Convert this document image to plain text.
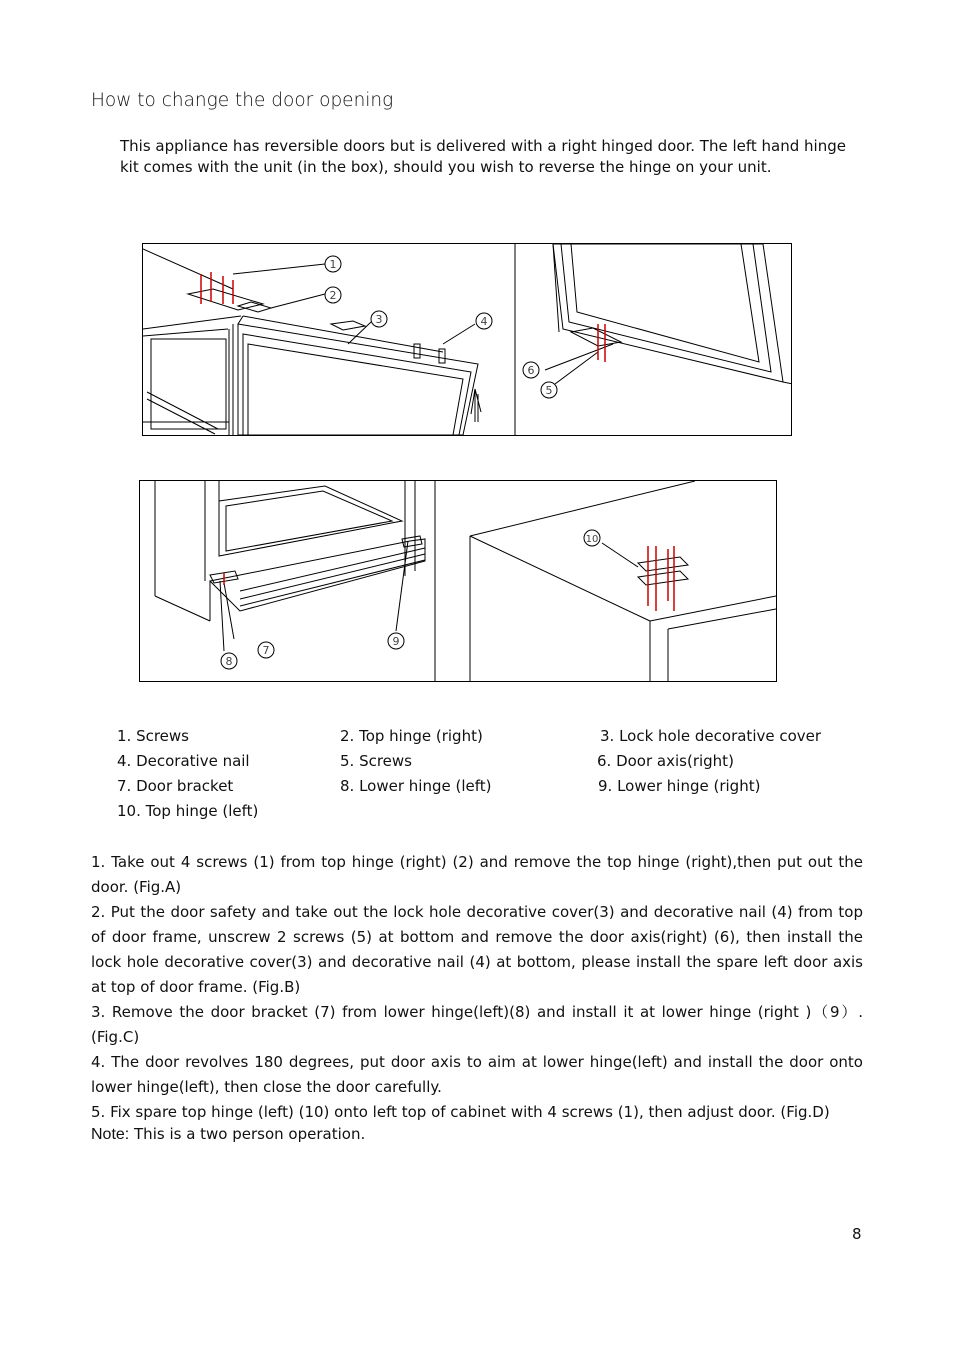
How to change the door opening
This appliance has reversible doors but is delivered with a right hinged door. The left hand hinge kit comes with the unit (in the box), should you wish to reverse the hinge on your unit.
1
2
3	4
6
5
7
8
9
10
1. Screws	2. Top hinge (right)	3. Lock hole decorative cover
4. Decorative nail	5. Screws	6. Door axis(right)
7. Door bracket	8. Lower hinge (left)	9. Lower hinge (right)
10. Top hinge (left)

1. Take out 4 screws (1) from top hinge (right) (2) and remove the top hinge (right),then put out the door. (Fig.A)

2. Put the door safety and take out the lock hole decorative cover(3) and decorative nail (4) from top of door frame, unscrew 2 screws (5) at bottom and remove the door axis(right) (6), then install the lock hole decorative cover(3) and decorative nail (4) at bottom, please install the spare left door axis at top of door frame. (Fig.B)

3. Remove the door bracket (7) from lower hinge(left)(8) and install it at lower hinge (right )（9）. (Fig.C)

4. The door revolves 180 degrees, put door axis to aim at lower hinge(left) and install the door onto lower hinge(left), then close the door carefully.

5. Fix spare top hinge (left) (10) onto left top of cabinet with 4 screws (1), then adjust door. (Fig.D)

Note: This is a two person operation.
8
